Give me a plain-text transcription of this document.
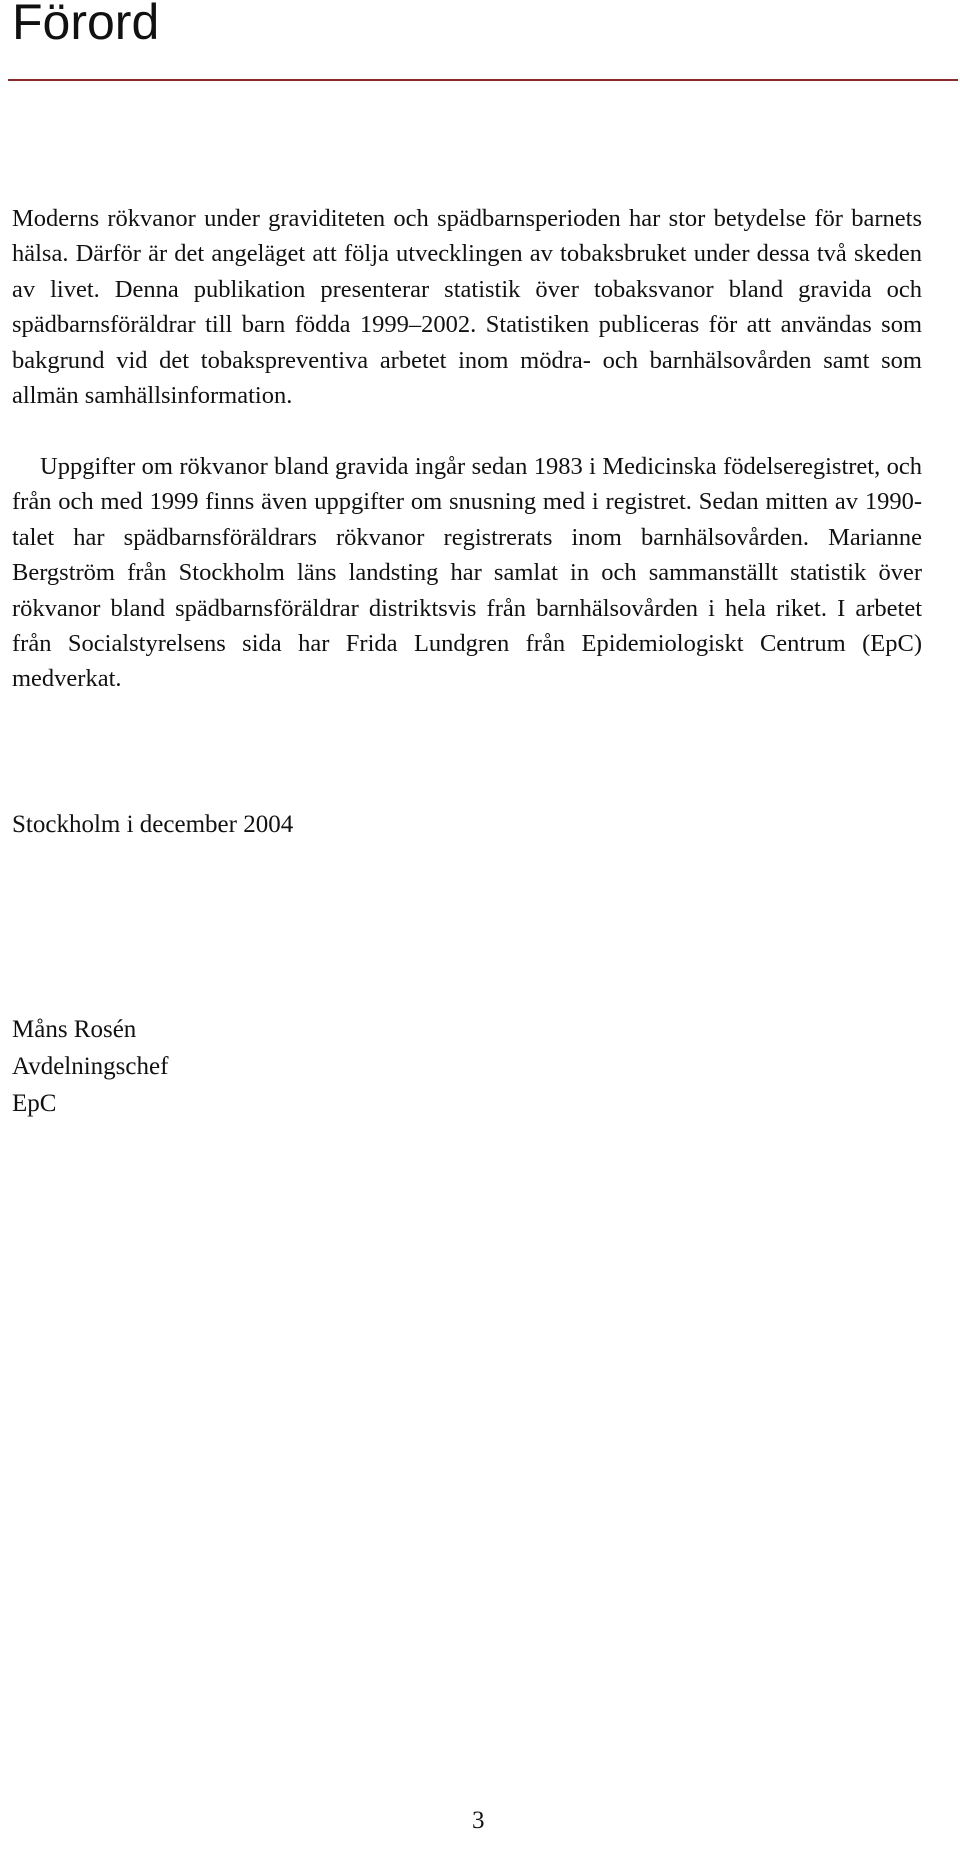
Förord

Moderns rökvanor under graviditeten och spädbarnsperioden har stor betydelse för barnets hälsa. Därför är det angeläget att följa utvecklingen av tobaksbruket under dessa två skeden av livet. Denna publikation presenterar statistik över tobaksvanor bland gravida och spädbarnsföräldrar till barn födda 1999–2002. Statistiken publiceras för att användas som bakgrund vid det tobakspreventiva arbetet inom mödra- och barnhälsovården samt som allmän samhällsinformation.

Uppgifter om rökvanor bland gravida ingår sedan 1983 i Medicinska födelseregistret, och från och med 1999 finns även uppgifter om snusning med i registret. Sedan mitten av 1990-talet har spädbarnsföräldrars rökvanor registrerats inom barnhälsovården. Marianne Bergström från Stockholm läns landsting har samlat in och sammanställt statistik över rökvanor bland spädbarnsföräldrar distriktsvis från barnhälsovården i hela riket. I arbetet från Socialstyrelsens sida har Frida Lundgren från Epidemiologiskt Centrum (EpC) medverkat.

Stockholm i december 2004

Måns Rosén
Avdelningschef
EpC

3
